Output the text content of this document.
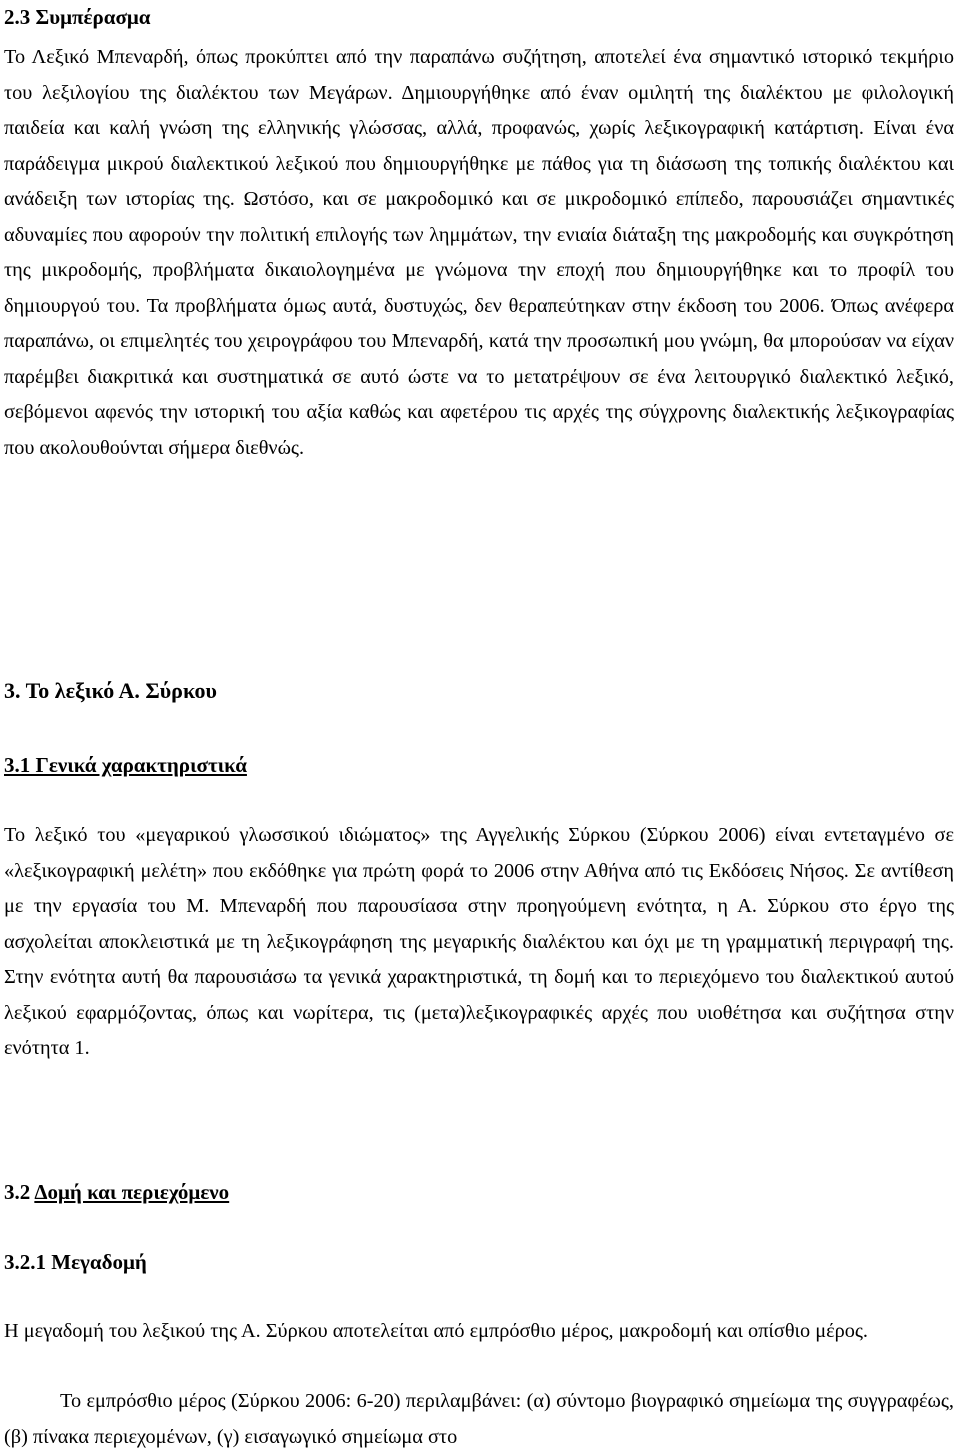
2.3 Συμπέρασμα

Το Λεξικό Μπεναρδή, όπως προκύπτει από την παραπάνω συζήτηση, αποτελεί ένα σημαντικό ιστορικό τεκμήριο του λεξιλογίου της διαλέκτου των Μεγάρων. Δημιουργήθηκε από έναν ομιλητή της διαλέκτου με φιλολογική παιδεία και καλή γνώση της ελληνικής γλώσσας, αλλά, προφανώς, χωρίς λεξικογραφική κατάρτιση. Είναι ένα παράδειγμα μικρού διαλεκτικού λεξικού που δημιουργήθηκε με πάθος για τη διάσωση της τοπικής διαλέκτου και ανάδειξη των ιστορίας της. Ωστόσο, και σε μακροδομικό και σε μικροδομικό επίπεδο, παρουσιάζει σημαντικές αδυναμίες που αφορούν την πολιτική επιλογής των λημμάτων, την ενιαία διάταξη της μακροδομής και συγκρότηση της μικροδομής, προβλήματα δικαιολογημένα με γνώμονα την εποχή που δημιουργήθηκε και το προφίλ του δημιουργού του. Τα προβλήματα όμως αυτά, δυστυχώς, δεν θεραπεύτηκαν στην έκδοση του 2006. Όπως ανέφερα παραπάνω, οι επιμελητές του χειρογράφου του Μπεναρδή, κατά την προσωπική μου γνώμη, θα μπορούσαν να είχαν παρέμβει διακριτικά και συστηματικά σε αυτό ώστε να το μετατρέψουν σε ένα λειτουργικό διαλεκτικό λεξικό, σεβόμενοι αφενός την ιστορική του αξία καθώς και αφετέρου τις αρχές της σύγχρονης διαλεκτικής λεξικογραφίας που ακολουθούνται σήμερα διεθνώς.

3. Το λεξικό Α. Σύρκου
3.1 Γενικά χαρακτηριστικά

Το λεξικό του «μεγαρικού γλωσσικού ιδιώματος» της Αγγελικής Σύρκου (Σύρκου 2006) είναι εντεταγμένο σε «λεξικογραφική μελέτη» που εκδόθηκε για πρώτη φορά το 2006 στην Αθήνα από τις Εκδόσεις Νήσος. Σε αντίθεση με την εργασία του Μ. Μπεναρδή που παρουσίασα στην προηγούμενη ενότητα, η Α. Σύρκου στο έργο της ασχολείται αποκλειστικά με τη λεξικογράφηση της μεγαρικής διαλέκτου και όχι με τη γραμματική περιγραφή της. Στην ενότητα αυτή θα παρουσιάσω τα γενικά χαρακτηριστικά, τη δομή και το περιεχόμενο του διαλεκτικού αυτού λεξικού εφαρμόζοντας, όπως και νωρίτερα, τις (μετα)λεξικογραφικές αρχές που υιοθέτησα και συζήτησα στην ενότητα 1.

3.2 Δομή και περιεχόμενο
3.2.1 Μεγαδομή

Η μεγαδομή του λεξικού της Α. Σύρκου αποτελείται από εμπρόσθιο μέρος, μακροδομή και οπίσθιο μέρος.

Το εμπρόσθιο μέρος (Σύρκου 2006: 6-20) περιλαμβάνει: (α) σύντομο βιογραφικό σημείωμα της συγγραφέως, (β) πίνακα περιεχομένων, (γ) εισαγωγικό σημείωμα στο
